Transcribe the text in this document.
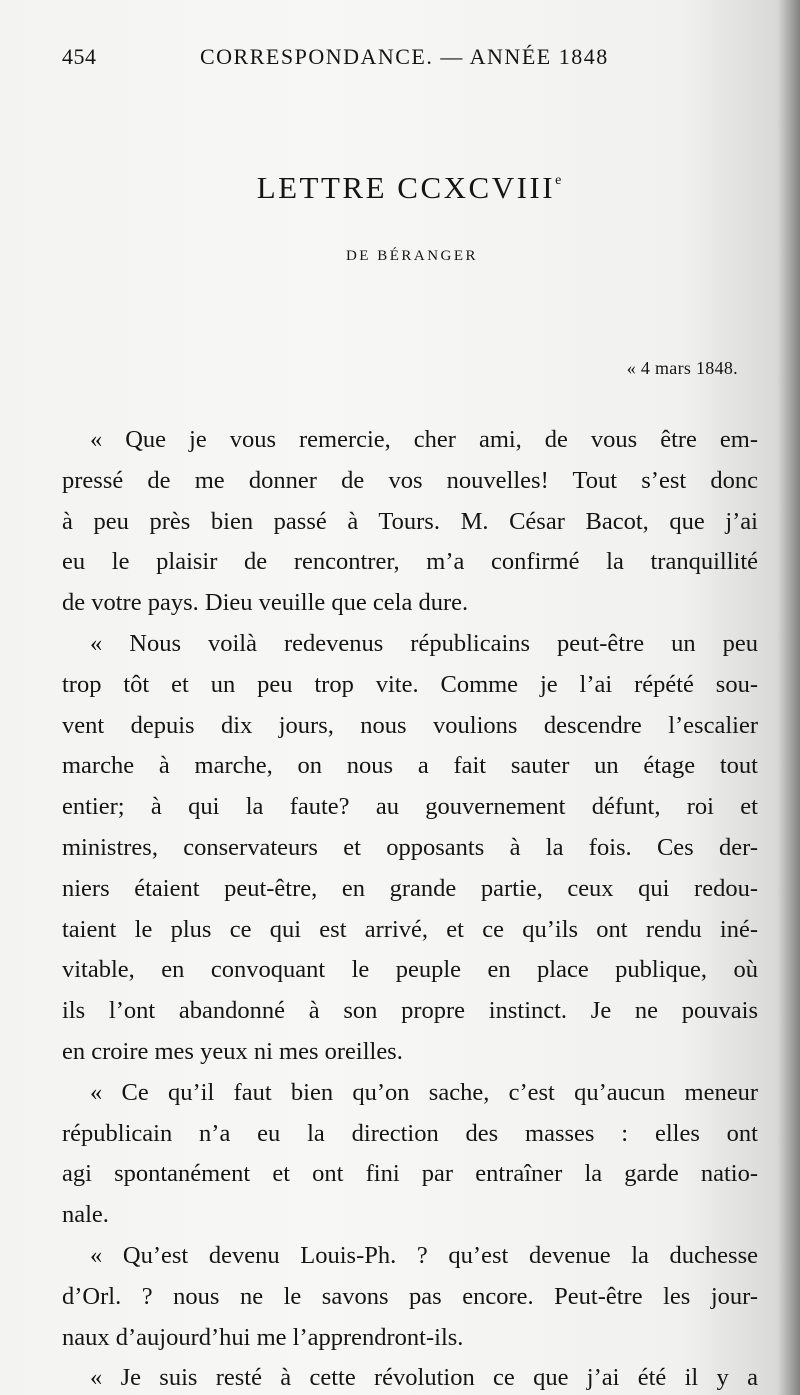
454	CORRESPONDANCE. — ANNÉE 1848
LETTRE CCXCVIIIe
DE BÉRANGER
« 4 mars 1848.
« Que je vous remercie, cher ami, de vous être em-
pressé de me donner de vos nouvelles! Tout s’est donc
à peu près bien passé à Tours. M. César Bacot, que j’ai
eu le plaisir de rencontrer, m’a confirmé la tranquillité
de votre pays. Dieu veuille que cela dure.
« Nous voilà redevenus républicains peut-être un peu
trop tôt et un peu trop vite. Comme je l’ai répété sou-
vent depuis dix jours, nous voulions descendre l’escalier
marche à marche, on nous a fait sauter un étage tout
entier; à qui la faute? au gouvernement défunt, roi et
ministres, conservateurs et opposants à la fois. Ces der-
niers étaient peut-être, en grande partie, ceux qui redou-
taient le plus ce qui est arrivé, et ce qu’ils ont rendu iné-
vitable, en convoquant le peuple en place publique, où
ils l’ont abandonné à son propre instinct. Je ne pouvais
en croire mes yeux ni mes oreilles.
« Ce qu’il faut bien qu’on sache, c’est qu’aucun meneur
républicain n’a eu la direction des masses : elles ont
agi spontanément et ont fini par entraîner la garde natio-
nale.
« Qu’est devenu Louis-Ph. ? qu’est devenue la duchesse
d’Orl. ? nous ne le savons pas encore. Peut-être les jour-
naux d’aujourd’hui me l’apprendront-ils.
« Je suis resté à cette révolution ce que j’ai été il y a
